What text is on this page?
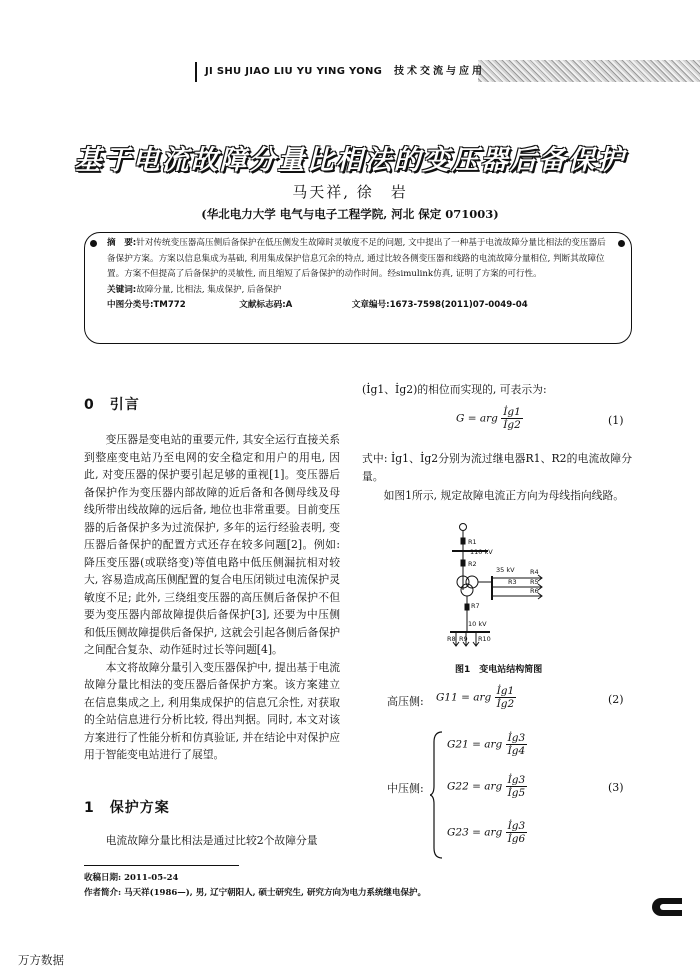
JI SHU JIAO LIU YU YING YONG 技术交流与应用
基于电流故障分量比相法的变压器后备保护
马天祥, 徐　岩
(华北电力大学 电气与电子工程学院, 河北 保定 071003)
摘　要:针对传统变压器高压侧后备保护在低压侧发生故障时灵敏度不足的问题, 文中提出了一种基于电流故障分量比相法的变压器后备保护方案。方案以信息集成为基础, 利用集成保护信息冗余的特点, 通过比较各侧变压器和线路的电流故障分量相位, 判断其故障位置。方案不但提高了后备保护的灵敏性, 而且缩短了后备保护的动作时间。经simulink仿真, 证明了方案的可行性。
关键词:故障分量, 比相法, 集成保护, 后备保护
中图分类号:TM772	文献标志码:A	文章编号:1673-7598(2011)07-0049-04
0　引言

变压器是变电站的重要元件, 其安全运行直接关系到整座变电站乃至电网的安全稳定和用户的用电, 因此, 对变压器的保护要引起足够的重视[1]。变压器后备保护作为变压器内部故障的近后备和各侧母线及母线所带出线故障的远后备, 地位也非常重要。目前变压器的后备保护多为过流保护, 多年的运行经验表明, 变压器后备保护的配置方式还存在较多问题[2]。例如: 降压变压器(或联络变)等值电路中低压侧漏抗相对较大, 容易造成高压侧配置的复合电压闭锁过电流保护灵敏度不足; 此外, 三绕组变压器的高压侧后备保护不但要为变压器内部故障提供后备保护[3], 还要为中压侧和低压侧故障提供后备保护, 这就会引起各侧后备保护之间配合复杂、动作延时过长等问题[4]。

本文将故障分量引入变压器保护中, 提出基于电流故障分量比相法的变压器后备保护方案。该方案建立在信息集成之上, 利用集成保护的信息冗余性, 对获取的全站信息进行分析比较, 得出判据。同时, 本文对该方案进行了性能分析和仿真验证, 并在结论中对保护应用于智能变电站进行了展望。

1　保护方案
电流故障分量比相法是通过比较2个故障分量
(İg1、İg2)的相位而实现的, 可表示为:
G = arg $\frac{İg1}{İg2}$	(1)
式中: İg1、İg2分别为流过继电器R1、R2的电流故障分量。
如图1所示, 规定故障电流正方向为母线指向线路。
R1
110 kV
R2
35 kV R4
R3 R5
R6
R7
10 kV
R8 R9 R10
图1　变电站结构简图
高压侧: G11 = arg $\frac{İg1}{İg2}$	(2)
中压侧:
G21 = arg $\frac{İg3}{İg4}$
G22 = arg $\frac{İg3}{İg5}$	(3)
G23 = arg $\frac{İg3}{İg6}$
收稿日期: 2011-05-24
作者简介: 马天祥(1986—), 男, 辽宁朝阳人, 硕士研究生, 研究方向为电力系统继电保护。
万方数据
